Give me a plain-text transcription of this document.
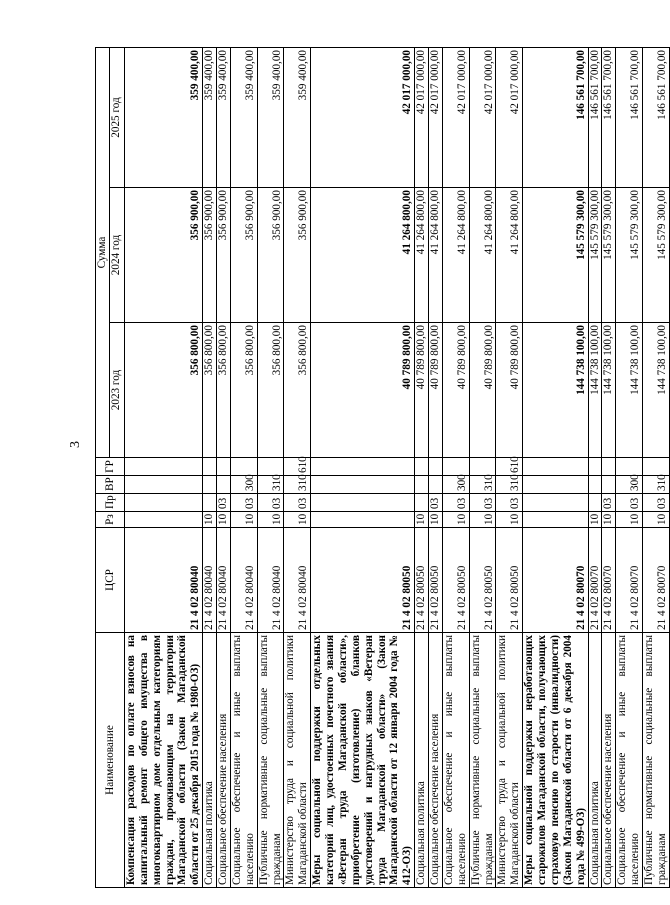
3
Наименование	ЦСР	Рз	Пр	ВР	ГР	Сумма		
						2023 год	2024 год	2025 год
Компенсация расходов по оплате взносов на капитальный ремонт общего имущества в многоквартирном доме отдельным категориям граждан, проживающим на территории Магаданской области (Закон Магаданской области от 25 декабря 2015 года № 1980-ОЗ)	21 4 02 80040					356 800,00	356 900,00	359 400,00
Социальная политика	21 4 02 80040	10				356 800,00	356 900,00	359 400,00
Социальное обеспечение населения	21 4 02 80040	10	03			356 800,00	356 900,00	359 400,00
Социальное обеспечение и иные выплаты населению	21 4 02 80040	10	03	300		356 800,00	356 900,00	359 400,00
Публичные нормативные социальные выплаты гражданам	21 4 02 80040	10	03	310		356 800,00	356 900,00	359 400,00
Министерство труда и социальной политики Магаданской области	21 4 02 80040	10	03	310	610	356 800,00	356 900,00	359 400,00
Меры социальной поддержки отдельных категорий лиц, удостоенных почетного звания «Ветеран труда Магаданской области», приобретение (изготовление) бланков удостоверений и нагрудных знаков «Ветеран труда Магаданской области» (Закон Магаданской области от 12 января 2004 года № 412-ОЗ)	21 4 02 80050					40 789 800,00	41 264 800,00	42 017 000,00
Социальная политика	21 4 02 80050	10				40 789 800,00	41 264 800,00	42 017 000,00
Социальное обеспечение населения	21 4 02 80050	10	03			40 789 800,00	41 264 800,00	42 017 000,00
Социальное обеспечение и иные выплаты населению	21 4 02 80050	10	03	300		40 789 800,00	41 264 800,00	42 017 000,00
Публичные нормативные социальные выплаты гражданам	21 4 02 80050	10	03	310		40 789 800,00	41 264 800,00	42 017 000,00
Министерство труда и социальной политики Магаданской области	21 4 02 80050	10	03	310	610	40 789 800,00	41 264 800,00	42 017 000,00
Меры социальной поддержки неработающих старожилов Магаданской области, получающих страховую пенсию по старости (инвалидности) (Закон Магаданской области от 6 декабря 2004 года № 499-ОЗ)	21 4 02 80070					144 738 100,00	145 579 300,00	146 561 700,00
Социальная политика	21 4 02 80070	10				144 738 100,00	145 579 300,00	146 561 700,00
Социальное обеспечение населения	21 4 02 80070	10	03			144 738 100,00	145 579 300,00	146 561 700,00
Социальное обеспечение и иные выплаты населению	21 4 02 80070	10	03	300		144 738 100,00	145 579 300,00	146 561 700,00
Публичные нормативные социальные выплаты гражданам	21 4 02 80070	10	03	310		144 738 100,00	145 579 300,00	146 561 700,00
